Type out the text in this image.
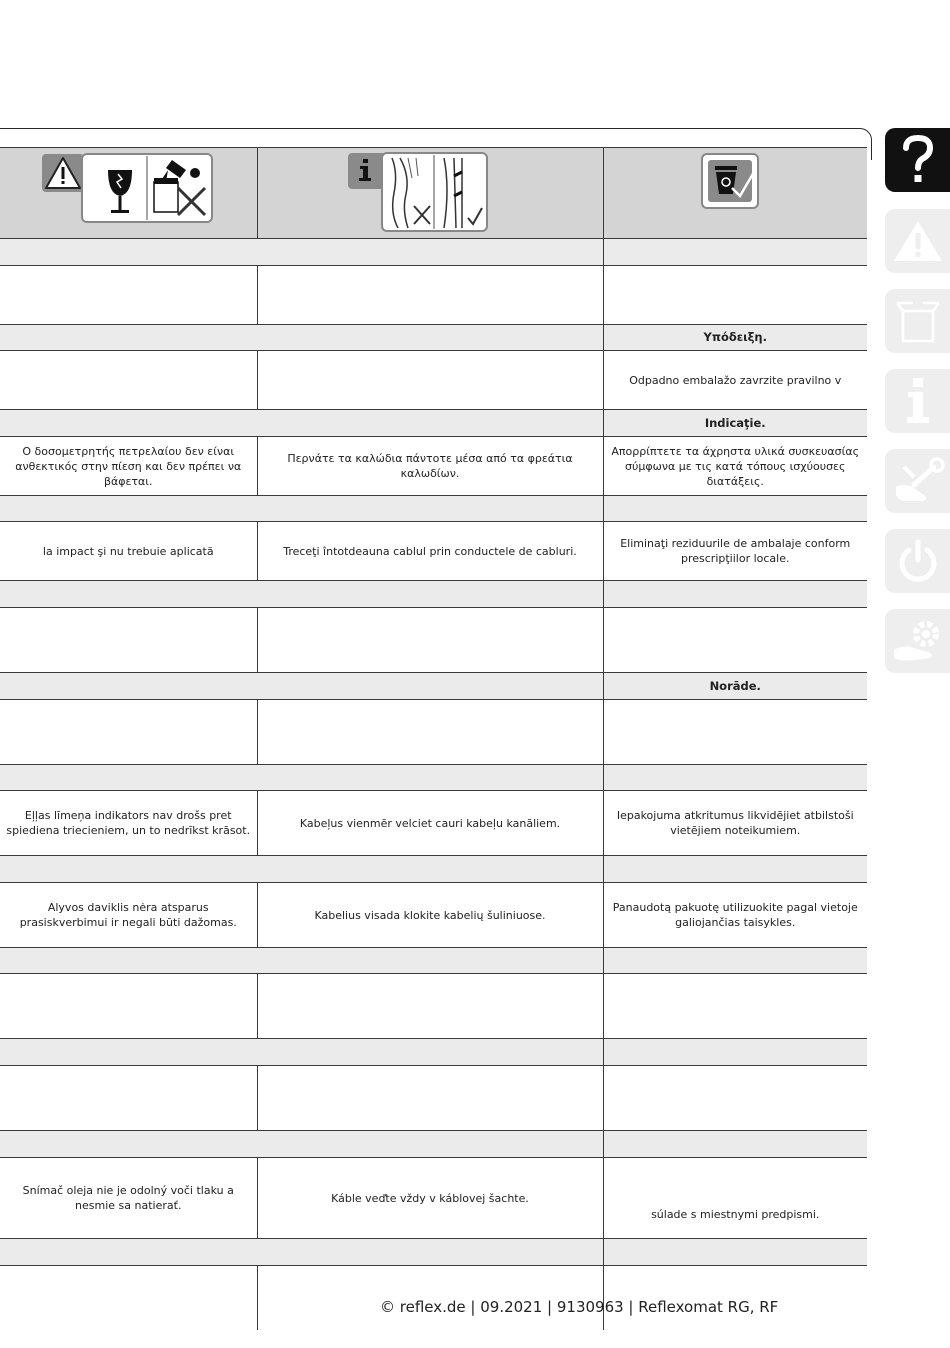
		Υπόδειξη.
		Odpadno embalažo zavrzite pravilno v
		Indicaţie.
Ο δοσομετρητής πετρελαίου δεν είναι ανθεκτικός στην πίεση και δεν πρέπει να βάφεται.	Περνάτε τα καλώδια πάντοτε μέσα από τα φρεάτια καλωδίων.	Απορρίπτετε τα άχρηστα υλικά συσκευασίας σύμφωνα με τις κατά τόπους ισχύουσες διατάξεις.

la impact şi nu trebuie aplicată	Treceţi întotdeauna cablul prin conductele de cabluri.	Eliminaţi reziduurile de ambalaje conform prescripţiilor locale.

		Norāde.

Eļļas līmeņa indikators nav drošs pret spiediena triecieniem, un to nedrīkst krāsot.	Kabeļus vienmēr velciet cauri kabeļu kanāliem.	Iepakojuma atkritumus likvidējiet atbilstoši vietējiem noteikumiem.

Alyvos daviklis nėra atsparus prasiskverbimui ir negali būti dažomas.	Kabelius visada klokite kabelių šuliniuose.	Panaudotą pakuotę utilizuokite pagal vietoje galiojančias taisykles.

Snímač oleja nie je odolný voči tlaku a nesmie sa natierať.	Káble veďte vždy v káblovej šachte.	súlade s miestnymi predpismi.

© reflex.de | 09.2021 | 9130963 | Reflexomat RG, RF
